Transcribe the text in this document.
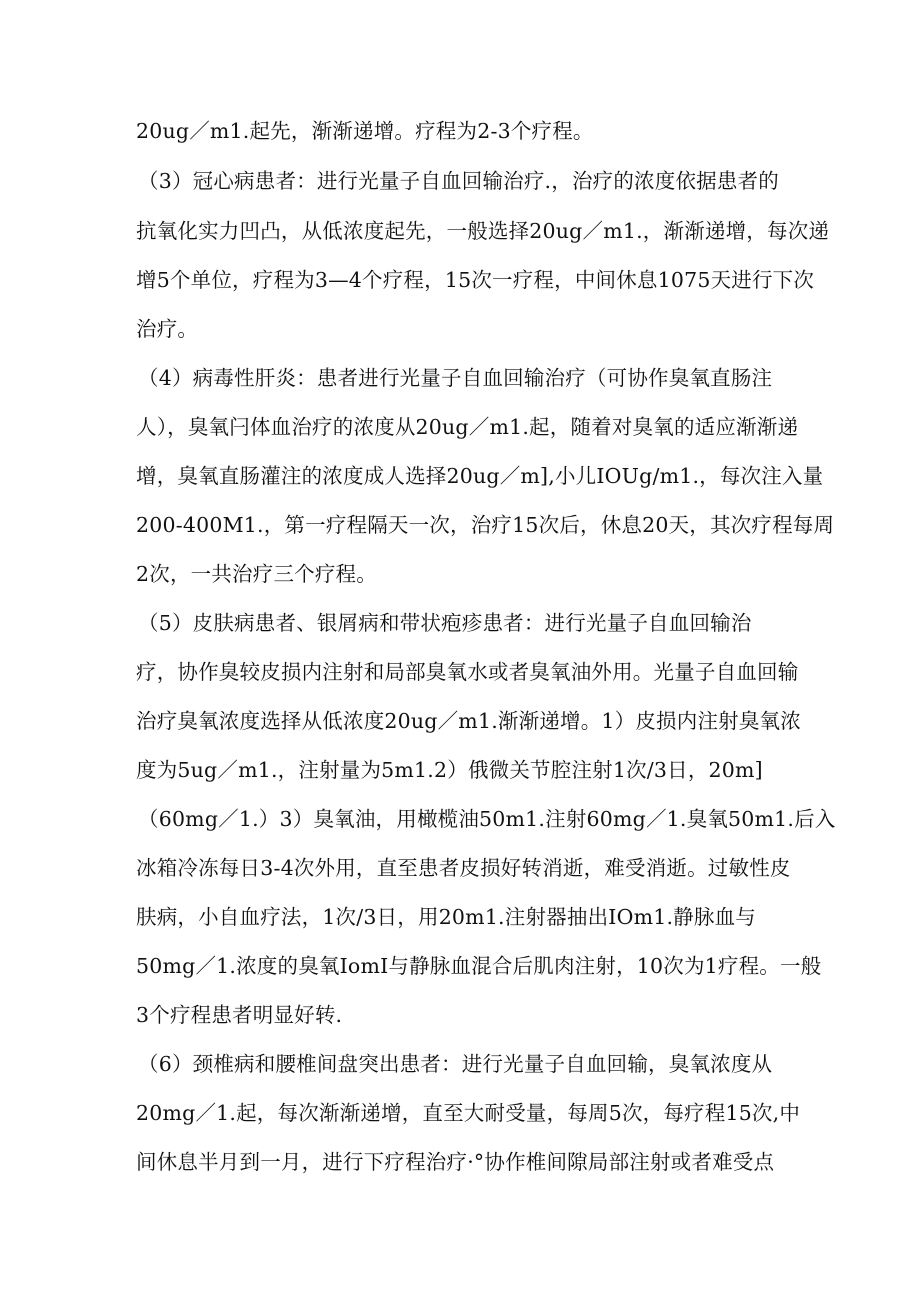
20ug／m1.起先，渐渐递增。疗程为2-3个疗程。
（3）冠心病患者：进行光量子自血回输治疗.，治疗的浓度依据患者的
抗氧化实力凹凸，从低浓度起先，一般选择20ug／m1.，渐渐递增，每次递
增5个单位，疗程为3—4个疗程，15次一疗程，中间休息1075天进行下次
治疗。
（4）病毒性肝炎：患者进行光量子自血回输治疗（可协作臭氧直肠注
人），臭氧闩体血治疗的浓度从20ug／m1.起，随着对臭氧的适应渐渐递
增，臭氧直肠灌注的浓度成人选择20ug／m],小儿IOUg/m1.，每次注入量
200-400M1.，第一疗程隔天一次，治疗15次后，休息20天，其次疗程每周
2次，一共治疗三个疗程。
（5）皮肤病患者、银屑病和带状疱疹患者：进行光量子自血回输治
疗，协作臭较皮损内注射和局部臭氧水或者臭氧油外用。光量子自血回输
治疗臭氧浓度选择从低浓度20ug／m1.渐渐递增。1）皮损内注射臭氧浓
度为5ug／m1.，注射量为5m1.2）俄微关节腔注射1次/3日，20m]
（60mg／1.）3）臭氧油，用橄榄油50m1.注射60mg／1.臭氧50m1.后入
冰箱冷冻每日3-4次外用，直至患者皮损好转消逝，难受消逝。过敏性皮
肤病，小自血疗法，1次/3日，用20m1.注射器抽出IOm1.静脉血与
50mg／1.浓度的臭氧IomI与静脉血混合后肌肉注射，10次为1疗程。一般
3个疗程患者明显好转.
（6）颈椎病和腰椎间盘突出患者：进行光量子自血回输，臭氧浓度从
20mg／1.起，每次渐渐递增，直至大耐受量，每周5次，每疗程15次,中
间休息半月到一月，进行下疗程治疗·°协作椎间隙局部注射或者难受点
